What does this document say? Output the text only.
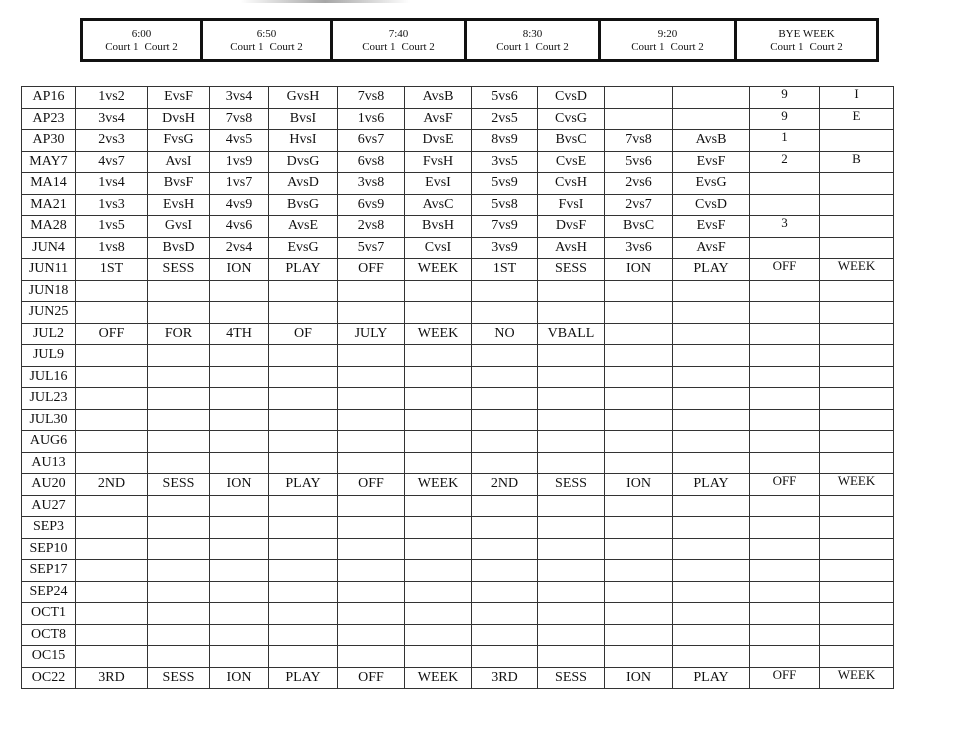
6:00
Court 1 Court 2

6:50
Court 1 Court 2

7:40
Court 1 Court 2

8:30
Court 1 Court 2

9:20
Court 1 Court 2

BYE WEEK
Court 1 Court 2
AP16	1vs2	EvsF	3vs4	GvsH	7vs8	AvsB	5vs6	CvsD			9	I
AP23	3vs4	DvsH	7vs8	BvsI	1vs6	AvsF	2vs5	CvsG			9	E
AP30	2vs3	FvsG	4vs5	HvsI	6vs7	DvsE	8vs9	BvsC	7vs8	AvsB	1	
MAY7	4vs7	AvsI	1vs9	DvsG	6vs8	FvsH	3vs5	CvsE	5vs6	EvsF	2	B
MA14	1vs4	BvsF	1vs7	AvsD	3vs8	EvsI	5vs9	CvsH	2vs6	EvsG		
MA21	1vs3	EvsH	4vs9	BvsG	6vs9	AvsC	5vs8	FvsI	2vs7	CvsD		
MA28	1vs5	GvsI	4vs6	AvsE	2vs8	BvsH	7vs9	DvsF	BvsC	EvsF	3	
JUN4	1vs8	BvsD	2vs4	EvsG	5vs7	CvsI	3vs9	AvsH	3vs6	AvsF		
JUN11	1ST	SESS	ION	PLAY	OFF	WEEK	1ST	SESS	ION	PLAY	OFF	WEEK
JUN18												
JUN25												
JUL2	OFF	FOR	4TH	OF	JULY	WEEK	NO	VBALL				
JUL9												
JUL16												
JUL23												
JUL30												
AUG6												
AU13												
AU20	2ND	SESS	ION	PLAY	OFF	WEEK	2ND	SESS	ION	PLAY	OFF	WEEK
AU27												
SEP3												
SEP10												
SEP17												
SEP24												
OCT1												
OCT8												
OC15												
OC22	3RD	SESS	ION	PLAY	OFF	WEEK	3RD	SESS	ION	PLAY	OFF	WEEK
